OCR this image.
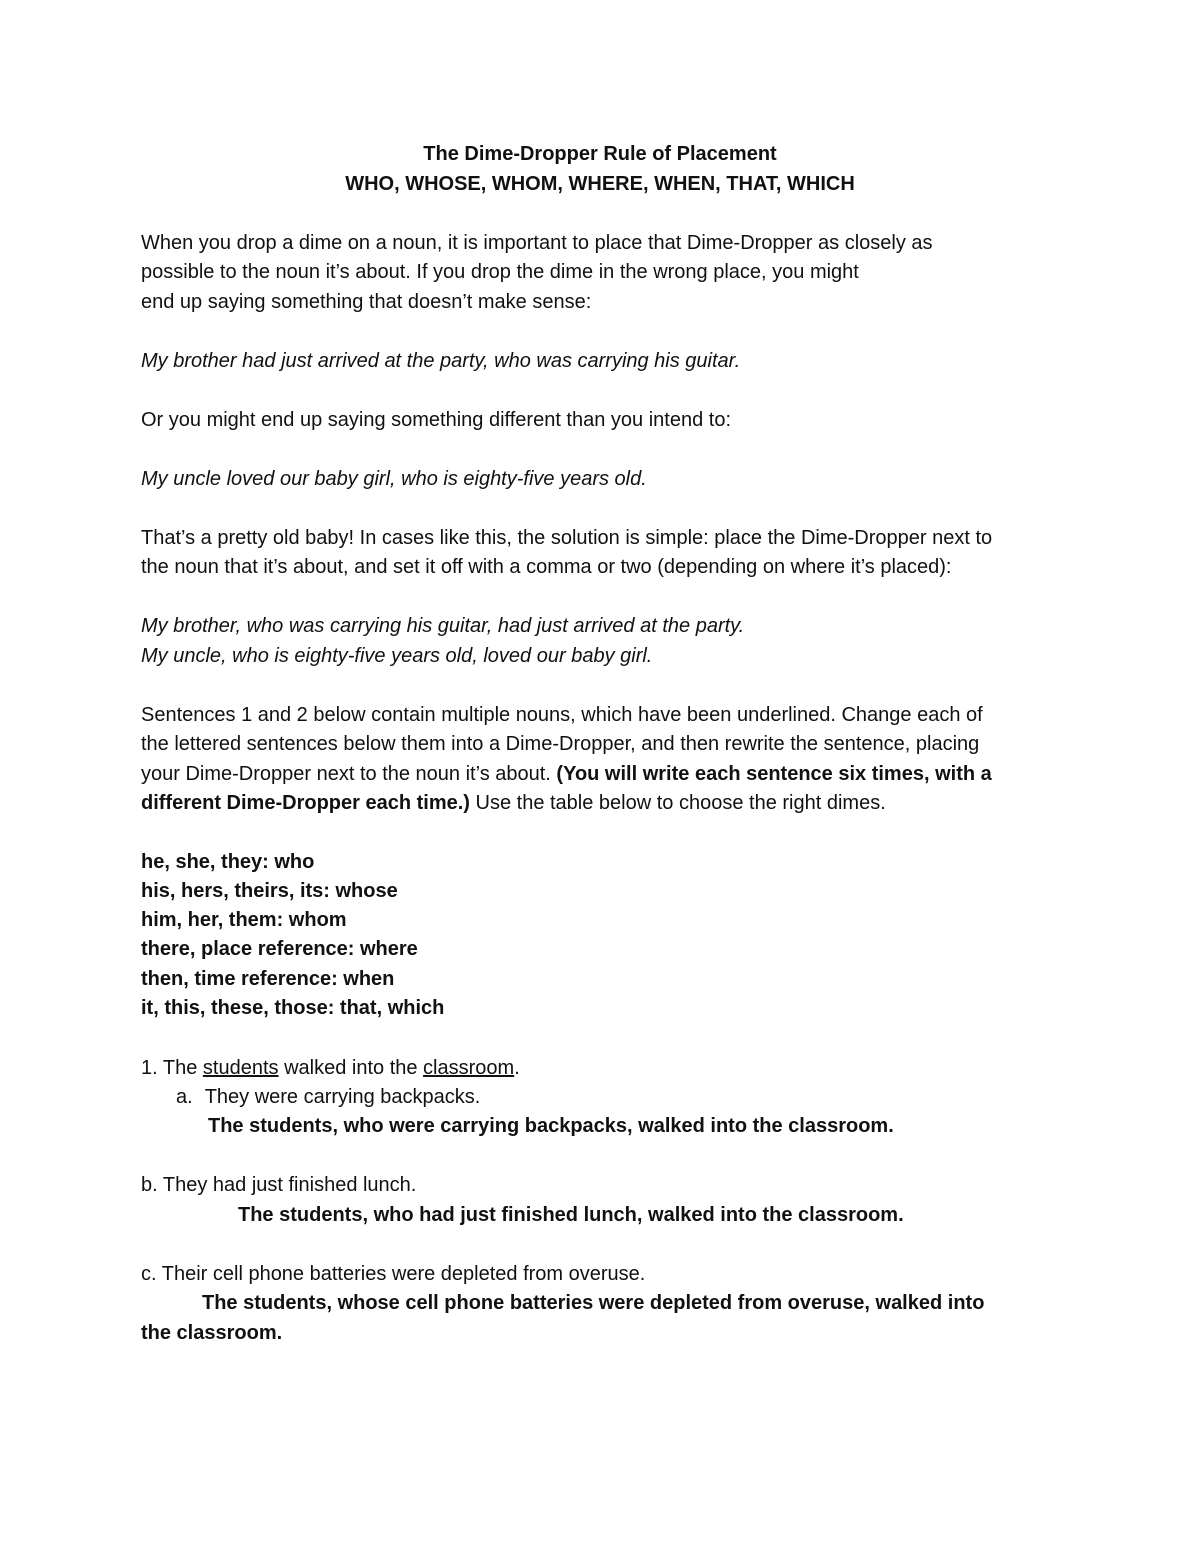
The Dime-Dropper Rule of Placement
WHO, WHOSE, WHOM, WHERE, WHEN, THAT, WHICH
When you drop a dime on a noun, it is important to place that Dime-Dropper as closely as
possible to the noun it’s about. If you drop the dime in the wrong place, you might
end up saying something that doesn’t make sense:
My brother had just arrived at the party, who was carrying his guitar.
Or you might end up saying something different than you intend to:
My uncle loved our baby girl, who is eighty-five years old.
That’s a pretty old baby! In cases like this, the solution is simple: place the Dime-Dropper next to
the noun that it’s about, and set it off with a comma or two (depending on where it’s placed):
My brother, who was carrying his guitar, had just arrived at the party.
My uncle, who is eighty-five years old, loved our baby girl.
Sentences 1 and 2 below contain multiple nouns, which have been underlined. Change each of
the lettered sentences below them into a Dime-Dropper, and then rewrite the sentence, placing
your Dime-Dropper next to the noun it’s about. (You will write each sentence six times, with a
different Dime-Dropper each time.) Use the table below to choose the right dimes.
he, she, they: who
his, hers, theirs, its: whose
him, her, them: whom
there, place reference: where
then, time reference: when
it, this, these, those: that, which
1. The students walked into the classroom.
a. They were carrying backpacks.
The students, who were carrying backpacks, walked into the classroom.
b. They had just finished lunch.
The students, who had just finished lunch, walked into the classroom.
c. Their cell phone batteries were depleted from overuse.
The students, whose cell phone batteries were depleted from overuse, walked into
the classroom.
